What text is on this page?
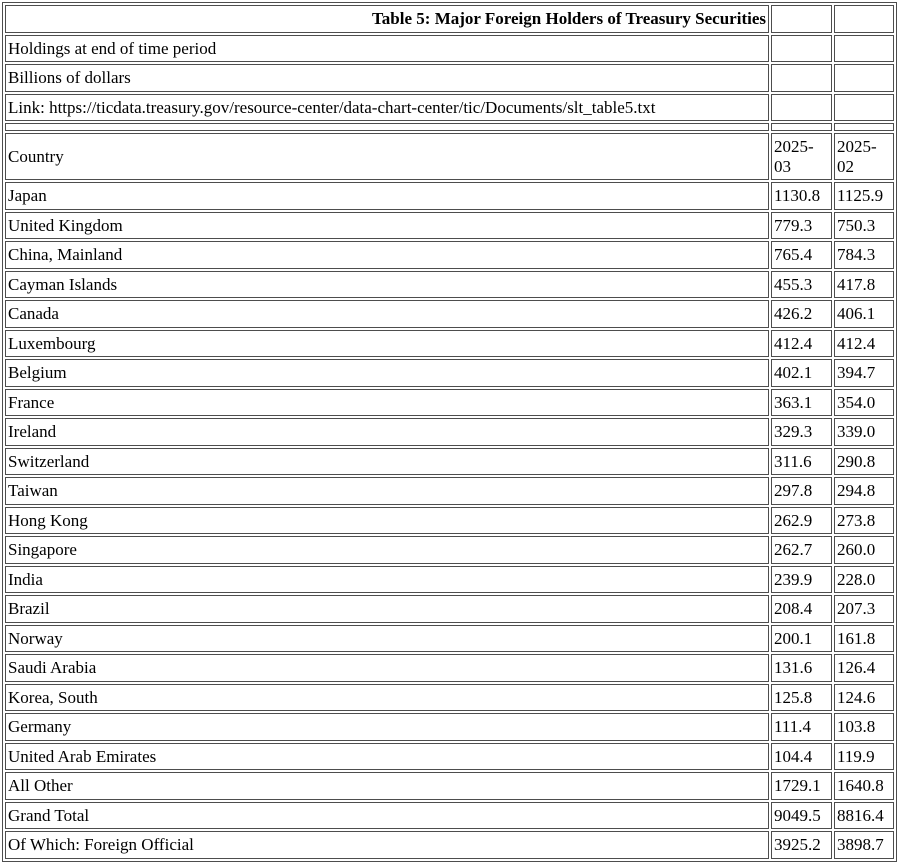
Table 5: Major Foreign Holders of Treasury Securities		
Holdings at end of time period		
Billions of dollars		
Link: https://ticdata.treasury.gov/resource-center/data-chart-center/tic/Documents/slt_table5.txt		

Country	2025-03	2025-02
Japan	1130.8	1125.9
United Kingdom	779.3	750.3
China, Mainland	765.4	784.3
Cayman Islands	455.3	417.8
Canada	426.2	406.1
Luxembourg	412.4	412.4
Belgium	402.1	394.7
France	363.1	354.0
Ireland	329.3	339.0
Switzerland	311.6	290.8
Taiwan	297.8	294.8
Hong Kong	262.9	273.8
Singapore	262.7	260.0
India	239.9	228.0
Brazil	208.4	207.3
Norway	200.1	161.8
Saudi Arabia	131.6	126.4
Korea, South	125.8	124.6
Germany	111.4	103.8
United Arab Emirates	104.4	119.9
All Other	1729.1	1640.8
Grand Total	9049.5	8816.4
Of Which: Foreign Official	3925.2	3898.7
